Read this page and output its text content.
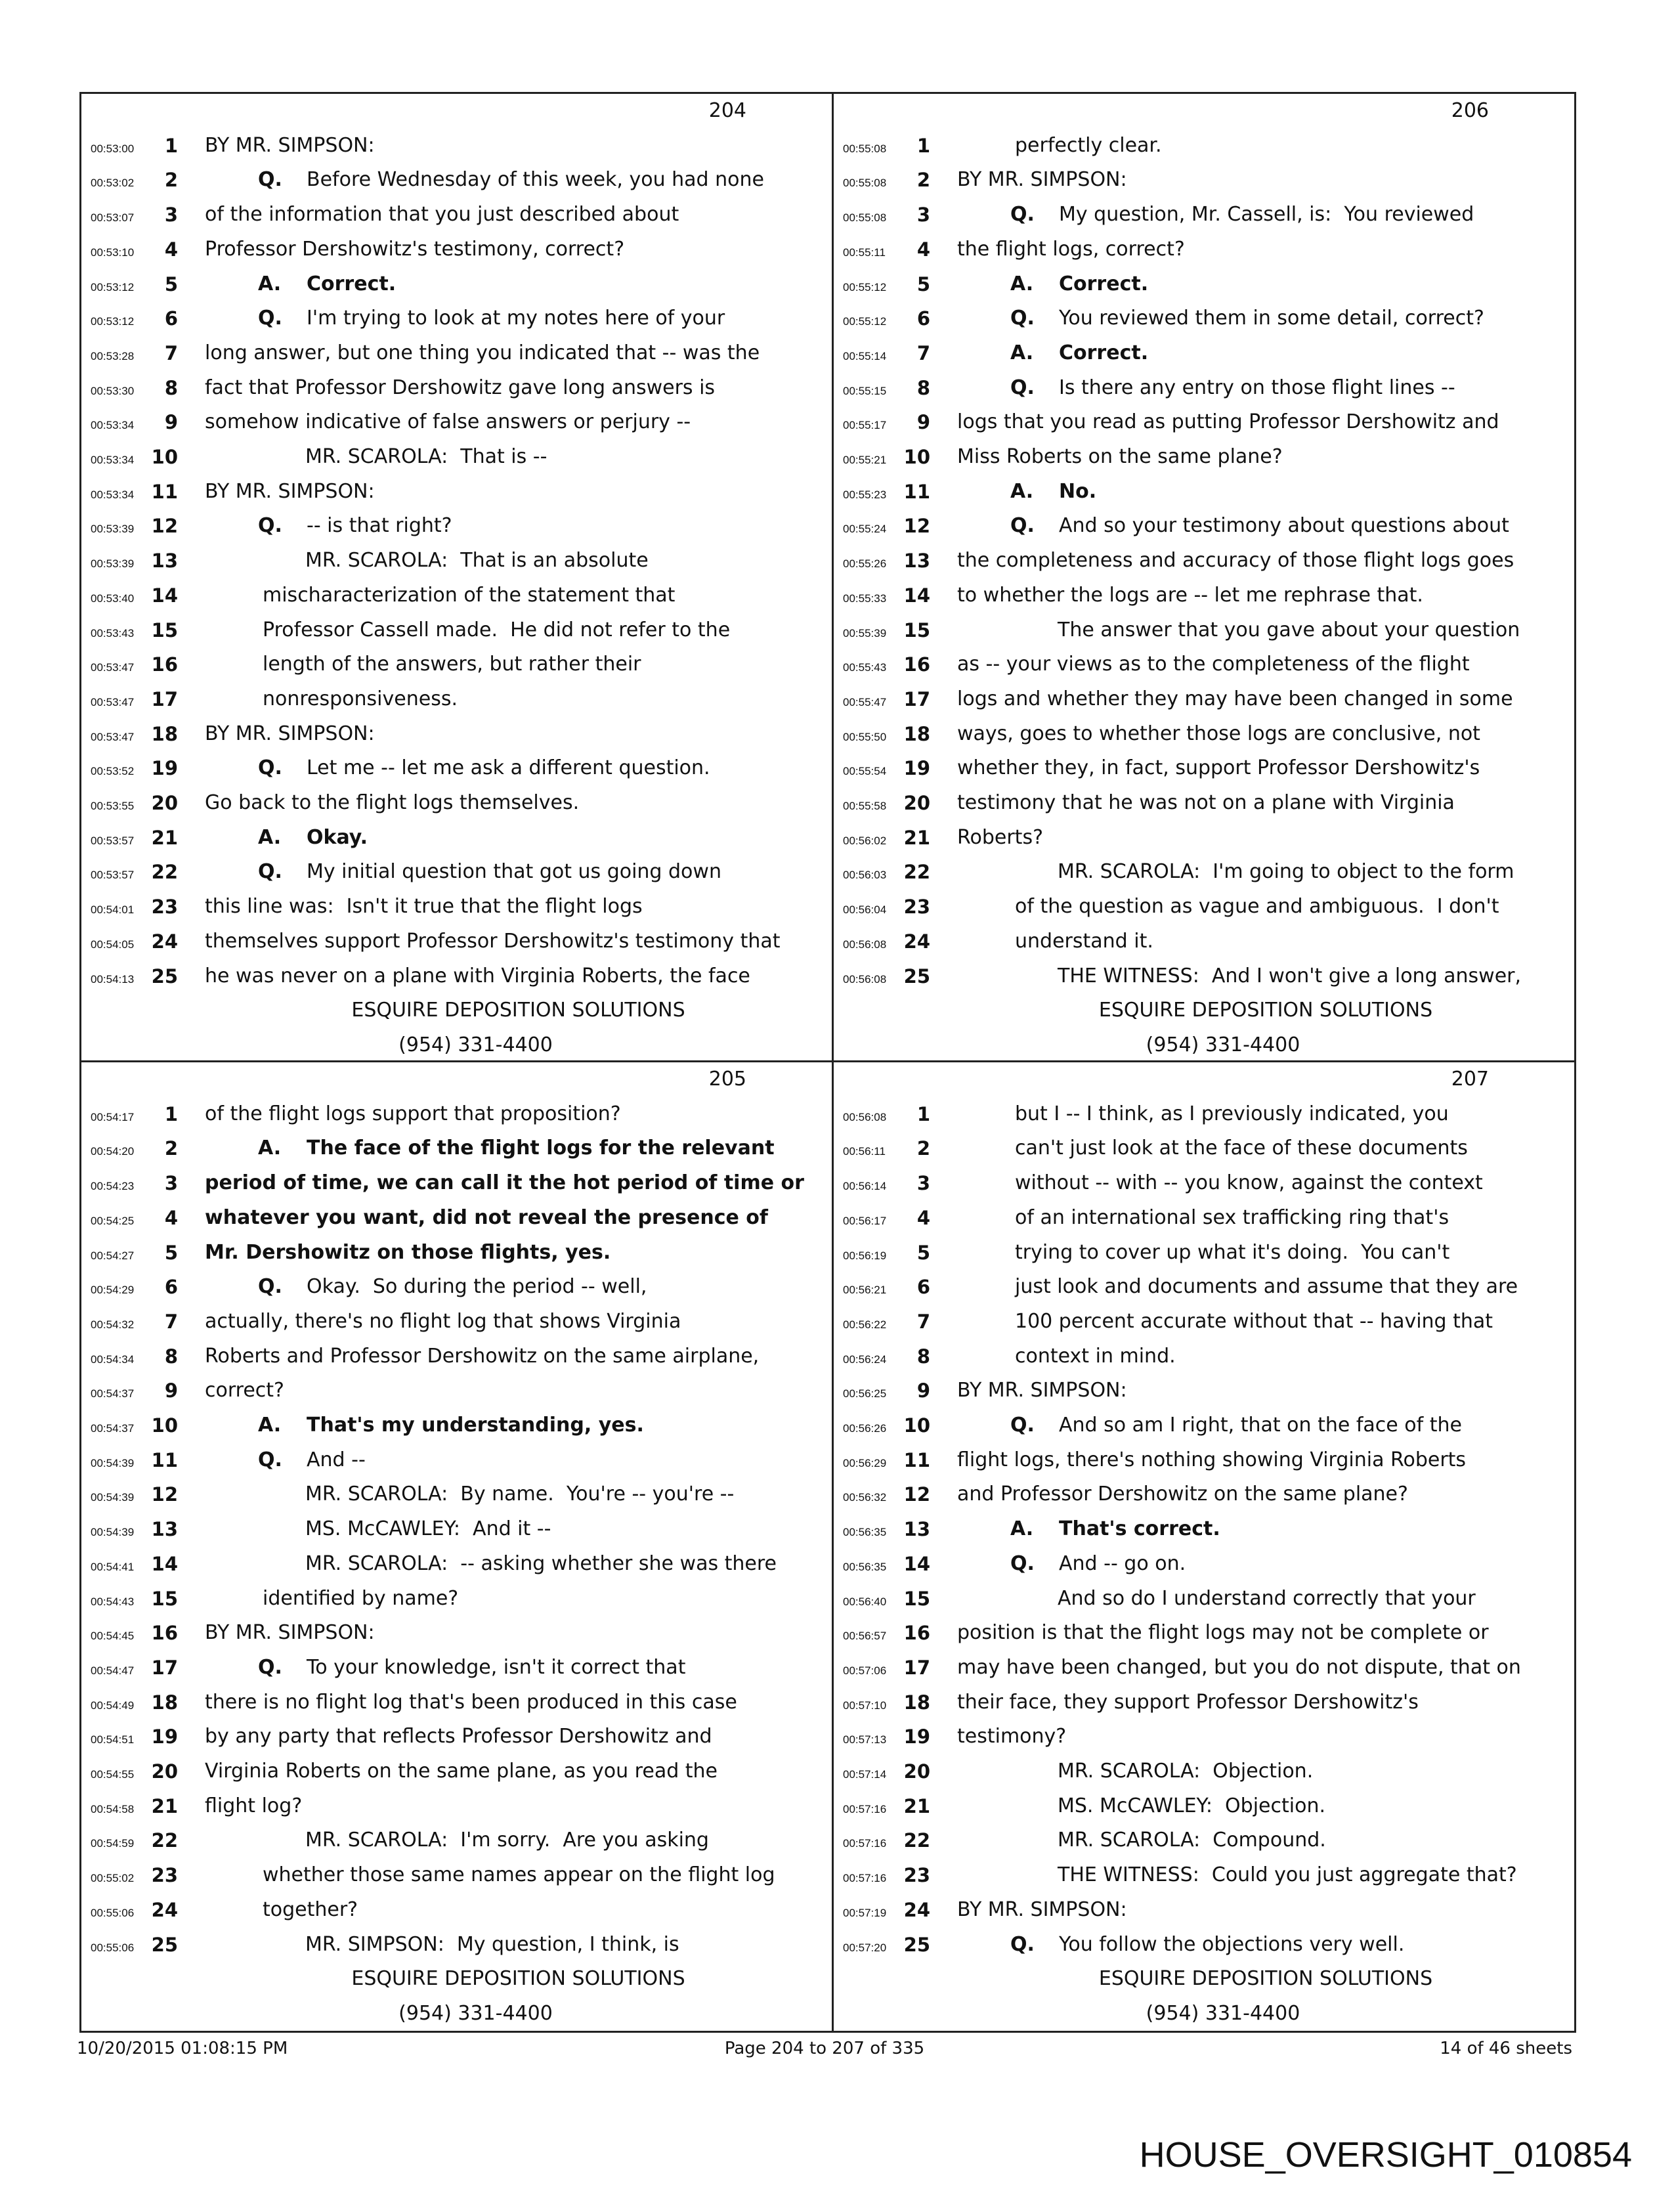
204
ESQUIRE DEPOSITION SOLUTIONS
(954) 331-4400
00:53:00	1 BY MR. SIMPSON:
00:53:02	2	Q. Before Wednesday of this week, you had none
00:53:07	3 of the information that you just described about
00:53:10	4 Professor Dershowitz's testimony, correct?
00:53:12	5	A. Correct.
00:53:12	6	Q. I'm trying to look at my notes here of your
00:53:28	7 long answer, but one thing you indicated that -- was the
00:53:30	8 fact that Professor Dershowitz gave long answers is
00:53:34	9 somehow indicative of false answers or perjury --
00:53:34 10	MR. SCAROLA:  That is --
00:53:34 11 BY MR. SIMPSON:
00:53:39 12	Q. -- is that right?
00:53:39 13	MR. SCAROLA:  That is an absolute
00:53:40 14	mischaracterization of the statement that
00:53:43 15	Professor Cassell made.  He did not refer to the
00:53:47 16	length of the answers, but rather their
00:53:47 17	nonresponsiveness.
00:53:47 18 BY MR. SIMPSON:
00:53:52 19	Q. Let me -- let me ask a different question.
00:53:55 20 Go back to the flight logs themselves.
00:53:57 21	A. Okay.
00:53:57 22	Q. My initial question that got us going down
00:54:01 23 this line was:  Isn't it true that the flight logs
00:54:05 24 themselves support Professor Dershowitz's testimony that
00:54:13 25 he was never on a plane with Virginia Roberts, the face
206
ESQUIRE DEPOSITION SOLUTIONS
(954) 331-4400
00:55:08	1	perfectly clear.
00:55:08	2 BY MR. SIMPSON:
00:55:08	3	Q. My question, Mr. Cassell, is:  You reviewed
00:55:11	4 the flight logs, correct?
00:55:12	5	A. Correct.
00:55:12	6	Q. You reviewed them in some detail, correct?
00:55:14	7	A. Correct.
00:55:15	8	Q. Is there any entry on those flight lines --
00:55:17	9 logs that you read as putting Professor Dershowitz and
00:55:21 10 Miss Roberts on the same plane?
00:55:23 11	A. No.
00:55:24 12	Q. And so your testimony about questions about
00:55:26 13 the completeness and accuracy of those flight logs goes
00:55:33 14 to whether the logs are -- let me rephrase that.
00:55:39 15	The answer that you gave about your question
00:55:43 16 as -- your views as to the completeness of the flight
00:55:47 17 logs and whether they may have been changed in some
00:55:50 18 ways, goes to whether those logs are conclusive, not
00:55:54 19 whether they, in fact, support Professor Dershowitz's
00:55:58 20 testimony that he was not on a plane with Virginia
00:56:02 21 Roberts?
00:56:03 22	MR. SCAROLA:  I'm going to object to the form
00:56:04 23	of the question as vague and ambiguous.  I don't
00:56:08 24	understand it.
00:56:08 25	THE WITNESS:  And I won't give a long answer,
205
ESQUIRE DEPOSITION SOLUTIONS
(954) 331-4400
00:54:17	1 of the flight logs support that proposition?
00:54:20	2	A. The face of the flight logs for the relevant
00:54:23	3 period of time, we can call it the hot period of time or
00:54:25	4 whatever you want, did not reveal the presence of
00:54:27	5 Mr. Dershowitz on those flights, yes.
00:54:29	6	Q. Okay.  So during the period -- well,
00:54:32	7 actually, there's no flight log that shows Virginia
00:54:34	8 Roberts and Professor Dershowitz on the same airplane,
00:54:37	9 correct?
00:54:37 10	A. That's my understanding, yes.
00:54:39 11	Q. And --
00:54:39 12	MR. SCAROLA:  By name.  You're -- you're --
00:54:39 13	MS. McCAWLEY:  And it --
00:54:41 14	MR. SCAROLA:  -- asking whether she was there
00:54:43 15	identified by name?
00:54:45 16 BY MR. SIMPSON:
00:54:47 17	Q. To your knowledge, isn't it correct that
00:54:49 18 there is no flight log that's been produced in this case
00:54:51 19 by any party that reflects Professor Dershowitz and
00:54:55 20 Virginia Roberts on the same plane, as you read the
00:54:58 21 flight log?
00:54:59 22	MR. SCAROLA:  I'm sorry.  Are you asking
00:55:02 23	whether those same names appear on the flight log
00:55:06 24	together?
00:55:06 25	MR. SIMPSON:  My question, I think, is
207
ESQUIRE DEPOSITION SOLUTIONS
(954) 331-4400
00:56:08	1	but I -- I think, as I previously indicated, you
00:56:11	2	can't just look at the face of these documents
00:56:14	3	without -- with -- you know, against the context
00:56:17	4	of an international sex trafficking ring that's
00:56:19	5	trying to cover up what it's doing.  You can't
00:56:21	6	just look and documents and assume that they are
00:56:22	7	100 percent accurate without that -- having that
00:56:24	8	context in mind.
00:56:25	9 BY MR. SIMPSON:
00:56:26 10	Q. And so am I right, that on the face of the
00:56:29 11 flight logs, there's nothing showing Virginia Roberts
00:56:32 12 and Professor Dershowitz on the same plane?
00:56:35 13	A. That's correct.
00:56:35 14	Q. And -- go on.
00:56:40 15	And so do I understand correctly that your
00:56:57 16 position is that the flight logs may not be complete or
00:57:06 17 may have been changed, but you do not dispute, that on
00:57:10 18 their face, they support Professor Dershowitz's
00:57:13 19 testimony?
00:57:14 20	MR. SCAROLA:  Objection.
00:57:16 21	MS. McCAWLEY:  Objection.
00:57:16 22	MR. SCAROLA:  Compound.
00:57:16 23	THE WITNESS:  Could you just aggregate that?
00:57:19 24 BY MR. SIMPSON:
00:57:20 25	Q. You follow the objections very well.
10/20/2015 01:08:15 PM	Page 204 to 207 of 335	14 of 46 sheets
HOUSE_OVERSIGHT_010854
